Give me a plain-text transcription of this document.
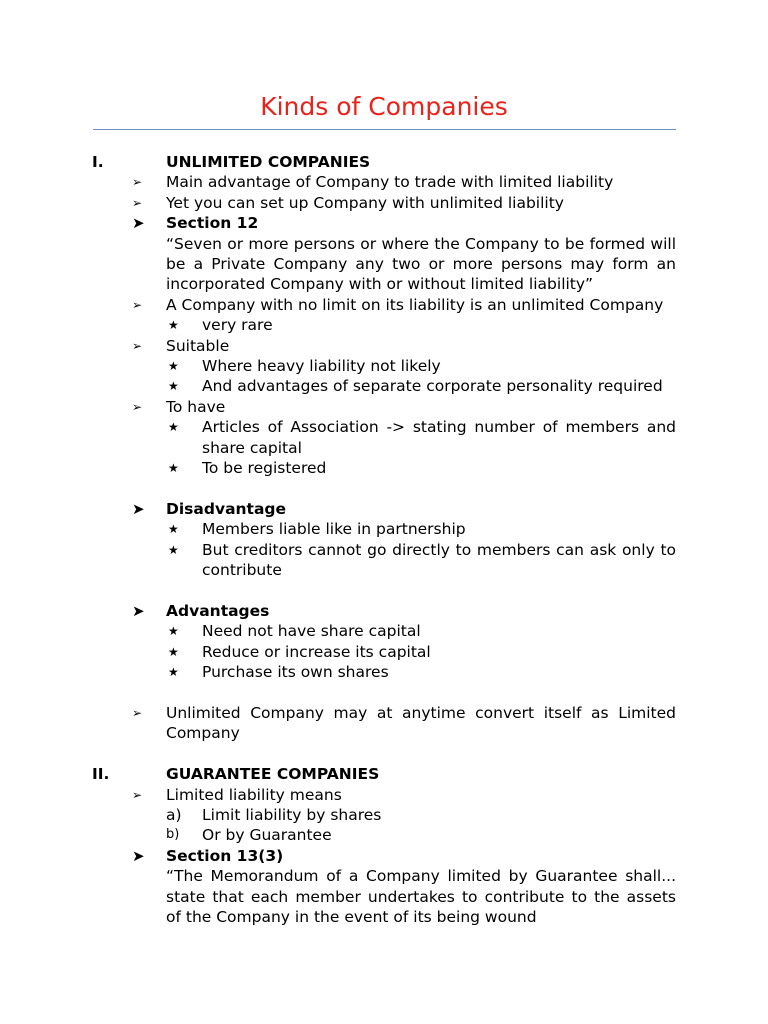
Kinds of Companies
I.	UNLIMITED COMPANIES
➢ Main advantage of Company to trade with limited liability
➢ Yet you can set up Company with unlimited liability
➤ Section 12
“Seven or more persons or where the Company to be formed will be a Private Company any two or more persons may form an incorporated Company with or without limited liability”
➢ A Company with no limit on its liability is an unlimited Company
★ very rare
➢ Suitable
★ Where heavy liability not likely
★ And advantages of separate corporate personality required
➢ To have
★ Articles of Association -> stating number of members and share capital
★ To be registered
➤ Disadvantage
★ Members liable like in partnership
★ But creditors cannot go directly to members can ask only to contribute
➤ Advantages
★ Need not have share capital
★ Reduce or increase its capital
★ Purchase its own shares
➢ Unlimited Company may at anytime convert itself as Limited Company
II.	GUARANTEE COMPANIES
➢ Limited liability means
a) Limit liability by shares
b) Or by Guarantee
➤ Section 13(3)
“The Memorandum of a Company limited by Guarantee shall... state that each member undertakes to contribute to the assets of the Company in the event of its being wound
